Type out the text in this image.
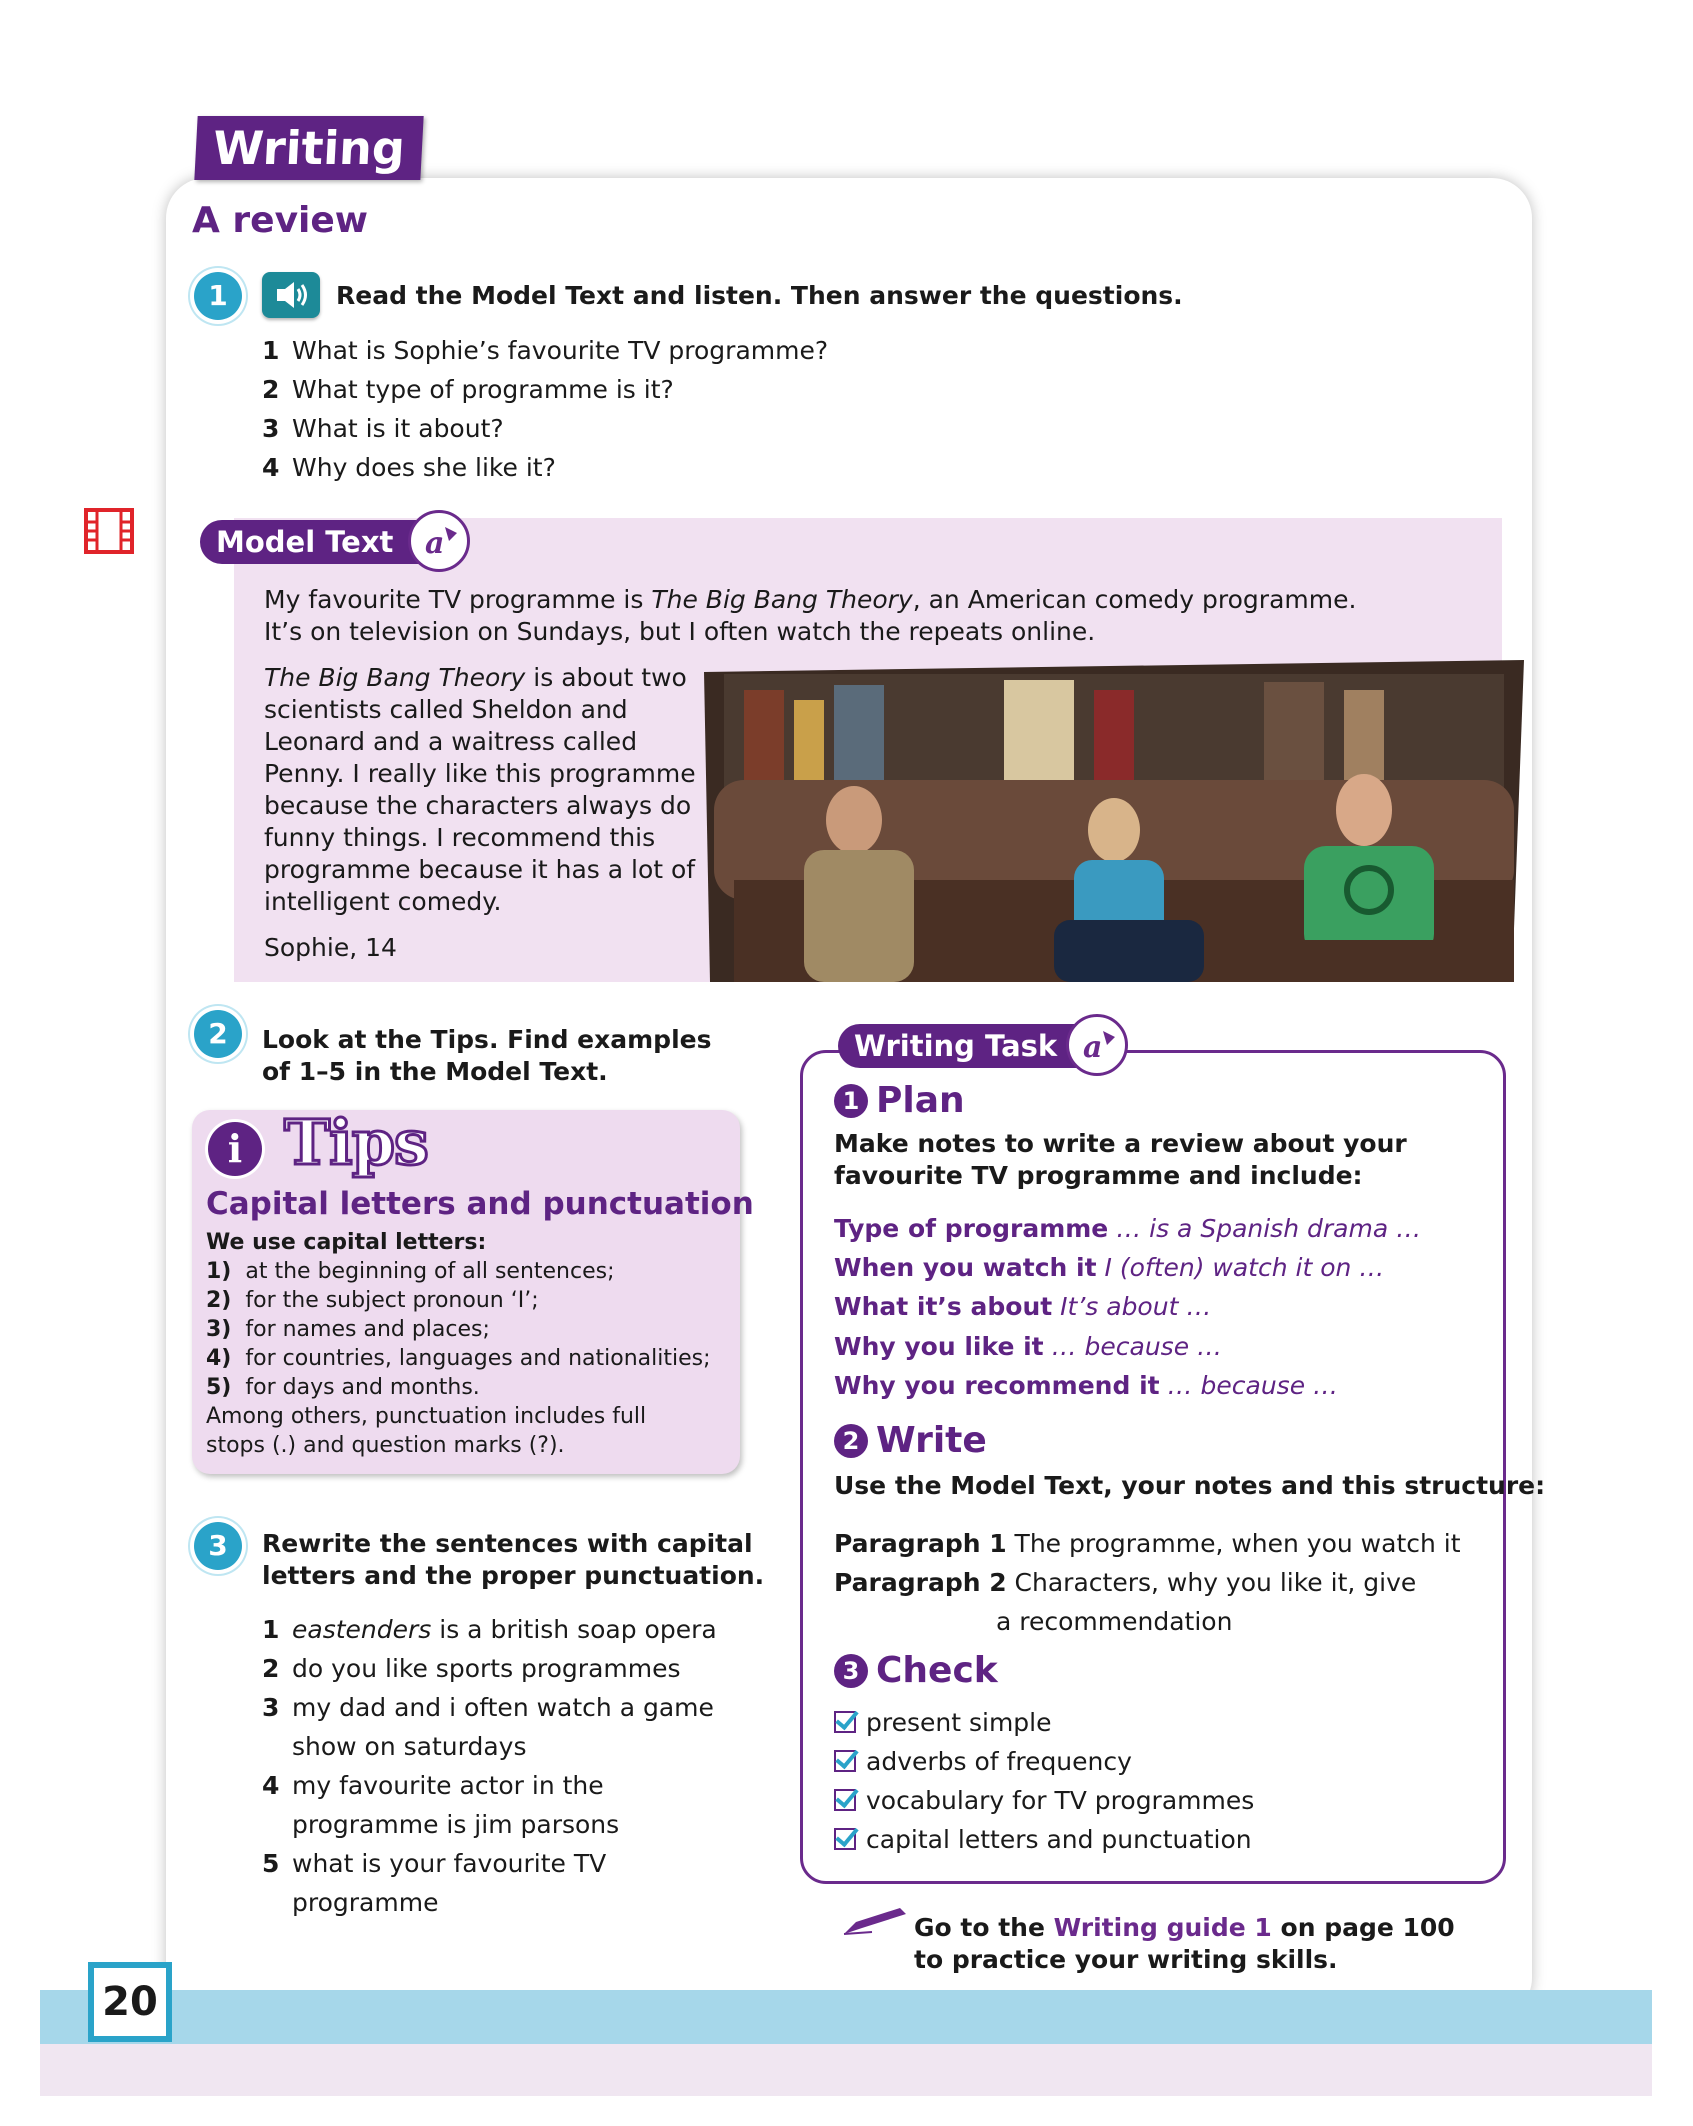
Writing
A review
1	Read the Model Text and listen. Then answer the questions.
1 What is Sophie’s favourite TV programme?
2 What type of programme is it?
3 What is it about?
4 Why does she like it?
Model Text	a
My favourite TV programme is The Big Bang Theory, an American comedy programme.
It’s on television on Sundays, but I often watch the repeats online.
The Big Bang Theory is about two
scientists called Sheldon and
Leonard and a waitress called
Penny. I really like this programme
because the characters always do
funny things. I recommend this
programme because it has a lot of
intelligent comedy.
Sophie, 14
2	Look at the Tips. Find examples
of 1–5 in the Model Text.
i Tips
Capital letters and punctuation
We use capital letters:
1) at the beginning of all sentences;
2) for the subject pronoun ‘I’;
3) for names and places;
4) for countries, languages and nationalities;
5) for days and months.
Among others, punctuation includes full
stops (.) and question marks (?).
3	Rewrite the sentences with capital
letters and the proper punctuation.
1 eastenders is a british soap opera
2 do you like sports programmes
3 my dad and i often watch a game
show on saturdays
4 my favourite actor in the
programme is jim parsons
5 what is your favourite TV
programme
Writing Task a
1 Plan
Make notes to write a review about your
favourite TV programme and include:
Type of programme … is a Spanish drama …
When you watch it I (often) watch it on …
What it’s about It’s about …
Why you like it … because …
Why you recommend it … because …
2 Write
Use the Model Text, your notes and this structure:
Paragraph 1 The programme, when you watch it
Paragraph 2 Characters, why you like it, give
a recommendation
3 Check
present simple
adverbs of frequency
vocabulary for TV programmes
capital letters and punctuation
Go to the Writing guide 1 on page 100
to practice your writing skills.
20
